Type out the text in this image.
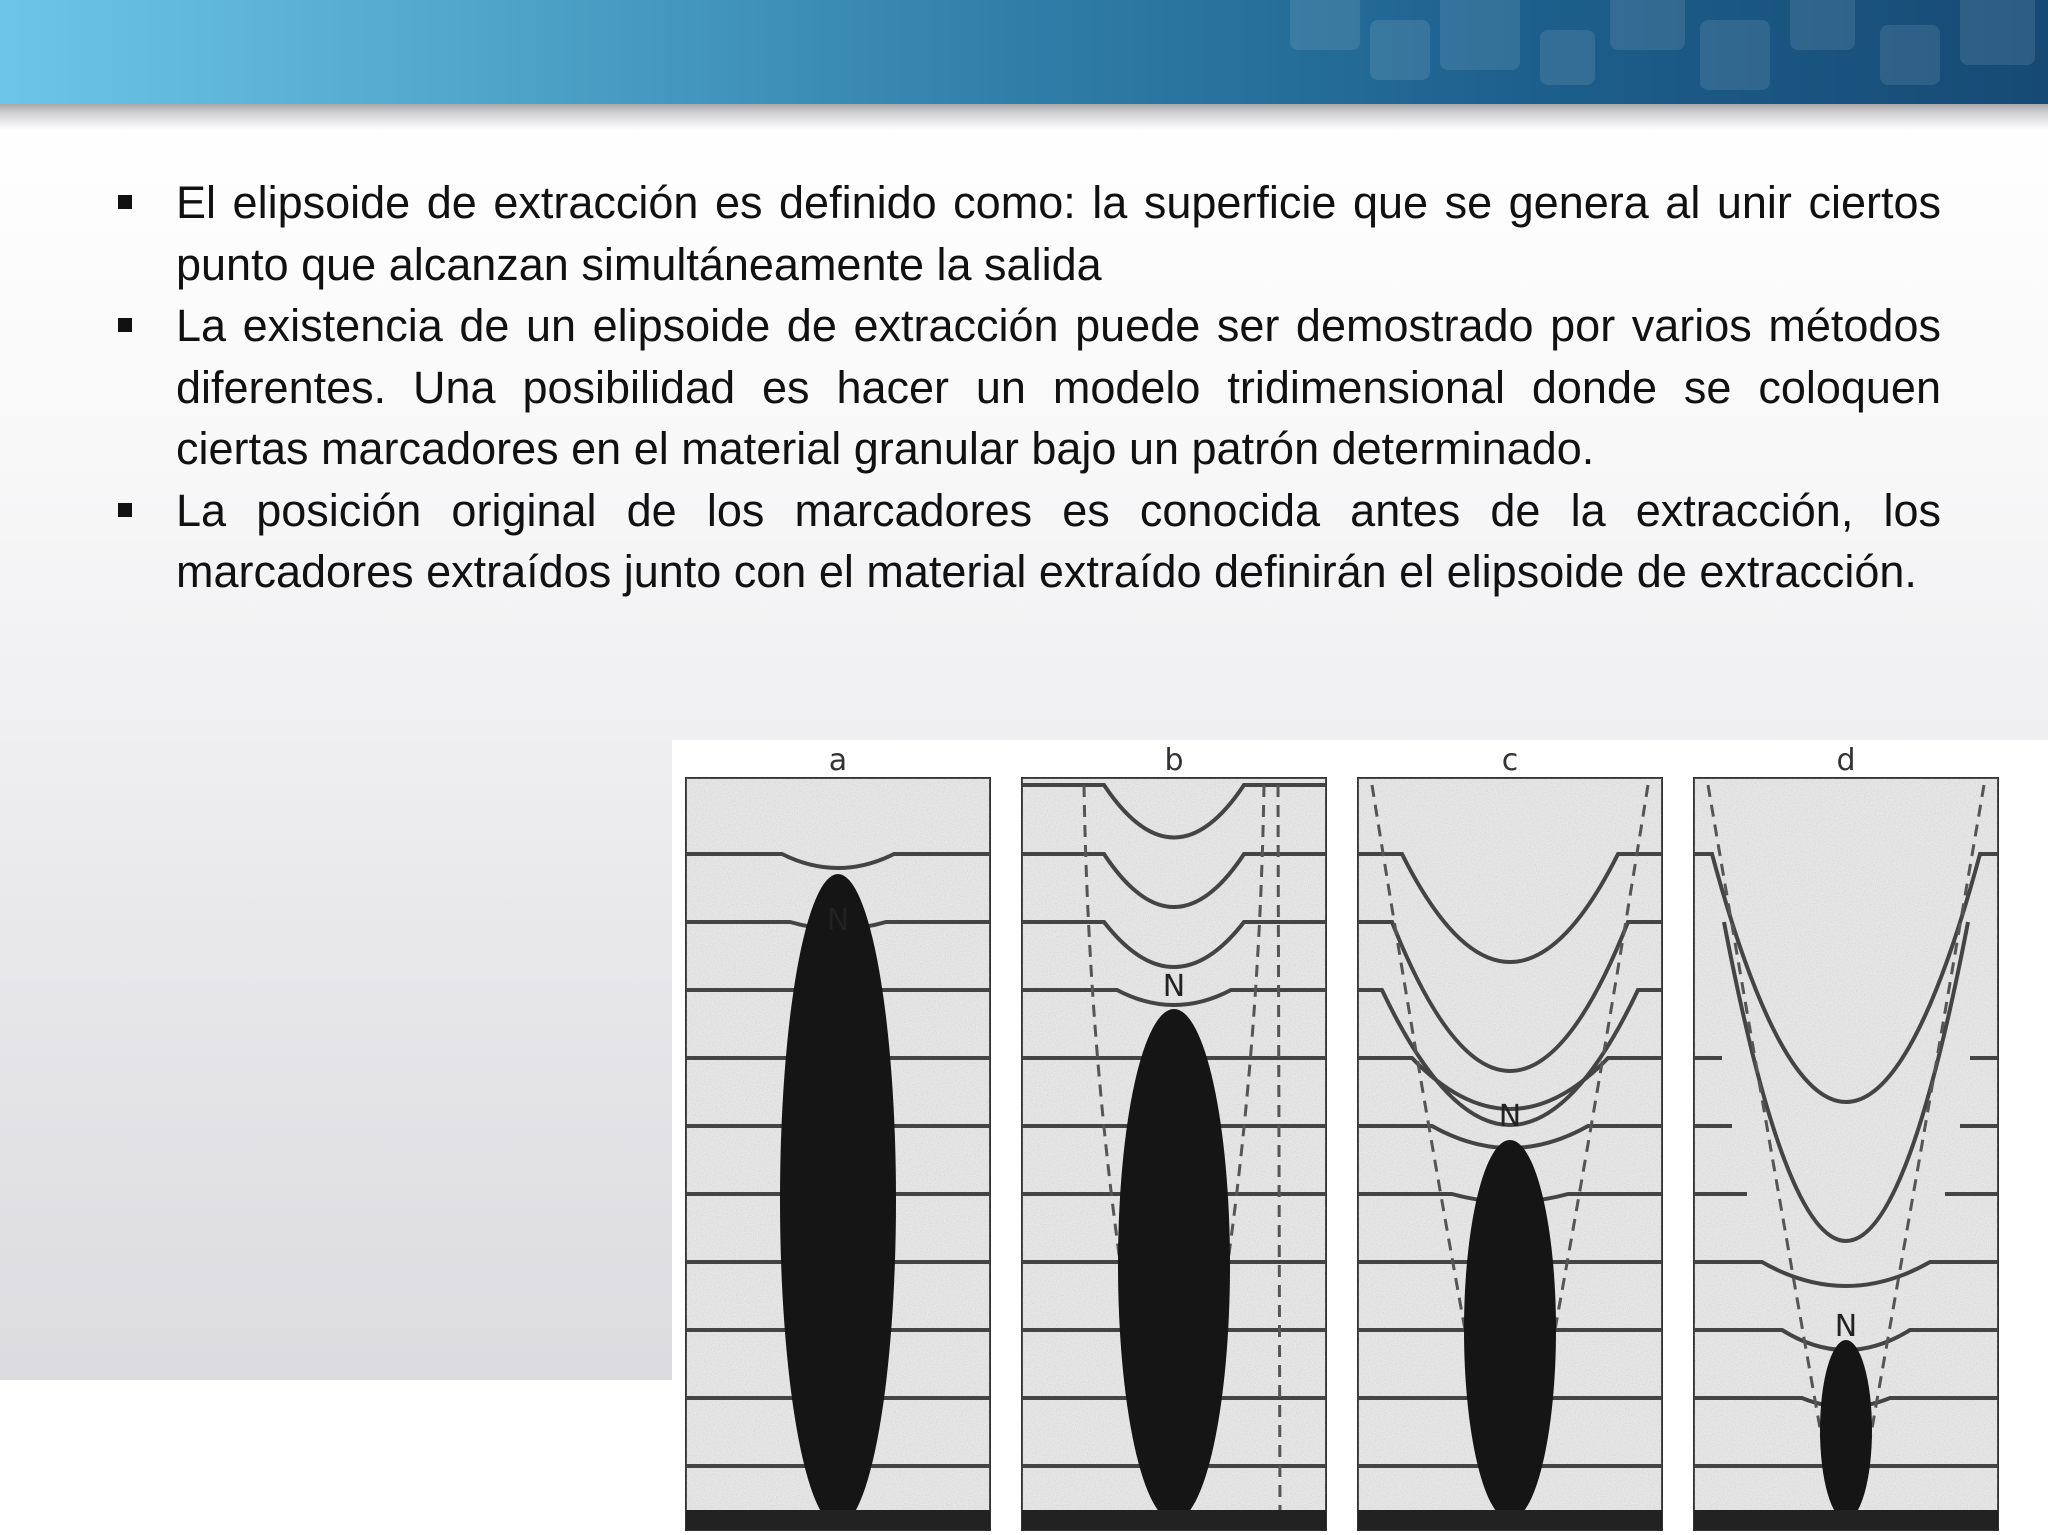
El elipsoide de extracción es definido como: la superficie que se genera al unir ciertos punto que alcanzan simultáneamente la salida
La existencia de un elipsoide de extracción puede ser demostrado por varios métodos diferentes. Una posibilidad es hacer un modelo tridimensional donde se coloquen ciertas marcadores en el material granular bajo un patrón determinado.
La posición original de los marcadores es conocida antes de la extracción, los marcadores extraídos junto con el material extraído definirán el elipsoide de extracción.
a
N
b
N
c
N
d
N
